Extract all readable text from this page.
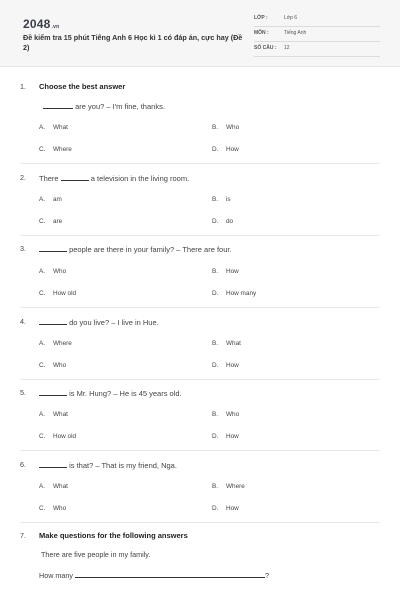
2048.vn
Đề kiểm tra 15 phút Tiếng Anh 6 Học kì 1 có đáp án, cực hay (Đề 2)
LỚP :	Lớp 6
MÔN :	Tiếng Anh
SỐ CÂU : 12
1. Choose the best answer
are you? – I'm fine, thanks.
A. What	B. Who
C. Where	D. How
2. There	a television in the living room.
A. am	B. is
C. are	D. do
3.	people are there in your family? – There are four.
A. Who	B. How
C. How old	D. How many
4.	do you live? – I live in Hue.
A. Where	B. What
C. Who	D. How
5.	is Mr. Hung? – He is 45 years old.
A. What	B. Who
C. How old	D. How
6.	is that? – That is my friend, Nga.
A. What	B. Where
C. Who	D. How
7. Make questions for the following answers
There are five people in my family.
How many	?
